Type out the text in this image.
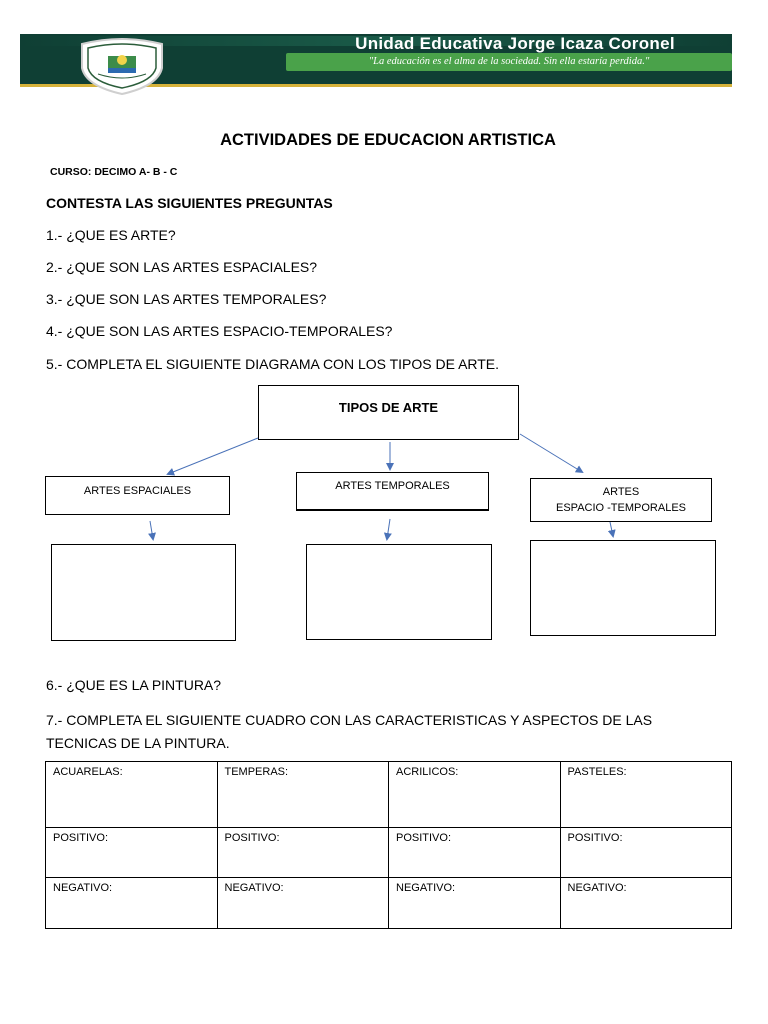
Unidad Educativa Jorge Icaza Coronel
"La educación es el alma de la sociedad. Sin ella estaría perdida."
ACTIVIDADES DE EDUCACION ARTISTICA
CURSO: DECIMO A- B - C
CONTESTA LAS SIGUIENTES PREGUNTAS
1.- ¿QUE ES ARTE?
2.- ¿QUE SON LAS ARTES ESPACIALES?
3.- ¿QUE SON LAS ARTES TEMPORALES?
4.- ¿QUE SON LAS ARTES ESPACIO-TEMPORALES?
5.- COMPLETA EL SIGUIENTE DIAGRAMA CON LOS TIPOS DE ARTE.
TIPOS DE ARTE
ARTES ESPACIALES	ARTES TEMPORALES	ARTES
ESPACIO -TEMPORALES
6.- ¿QUE ES LA PINTURA?
7.- COMPLETA EL SIGUIENTE CUADRO CON LAS CARACTERISTICAS Y ASPECTOS DE LAS TECNICAS DE LA PINTURA.
ACUARELAS:	TEMPERAS:	ACRILICOS:	PASTELES:
POSITIVO:	POSITIVO:	POSITIVO:	POSITIVO:
NEGATIVO:	NEGATIVO:	NEGATIVO:	NEGATIVO:
